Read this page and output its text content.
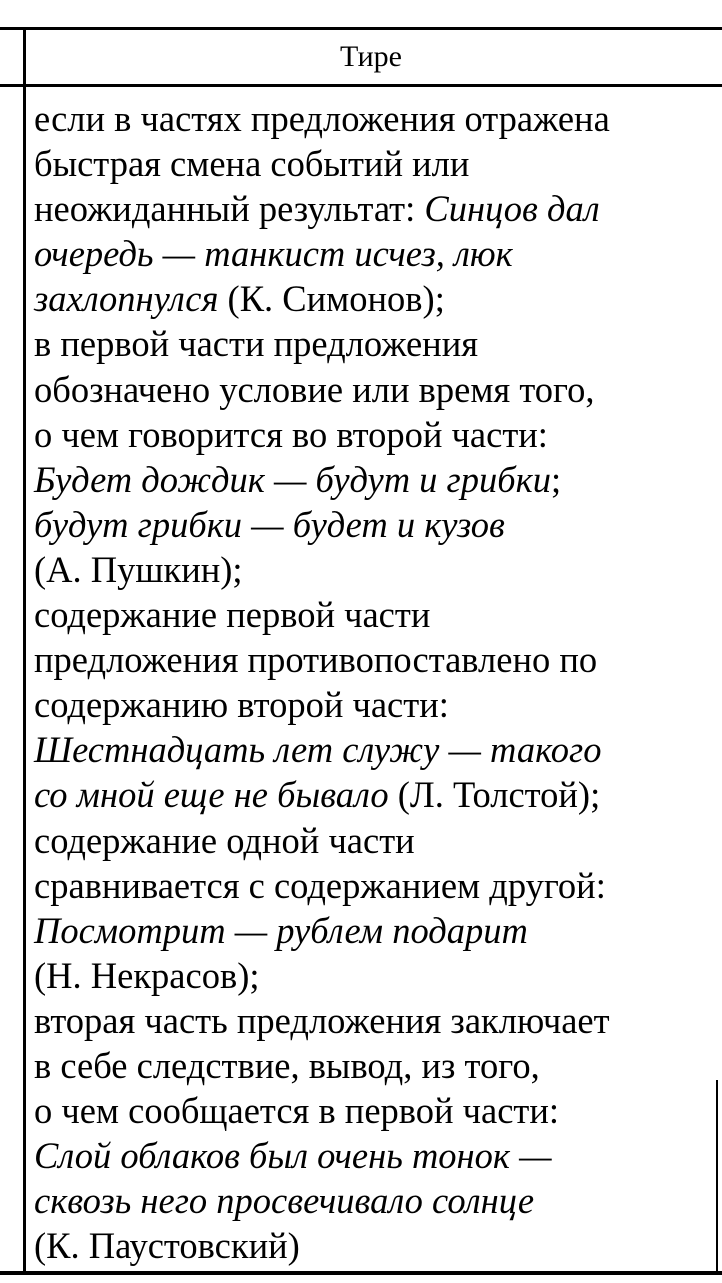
Тире
если в частях предложения отражена
быстрая смена событий или
неожиданный результат: Синцов дал
очередь — танкист исчез, люк
захлопнулся (К. Симонов);
в первой части предложения
обозначено условие или время того,
о чем говорится во второй части:
Будет дождик — будут и грибки;
будут грибки — будет и кузов
(А. Пушкин);
содержание первой части
предложения противопоставлено по
содержанию второй части:
Шестнадцать лет служу — такого
со мной еще не бывало (Л. Толстой);
содержание одной части
сравнивается с содержанием другой:
Посмотрит — рублем подарит
(Н. Некрасов);
вторая часть предложения заключает
в себе следствие, вывод, из того,
о чем сообщается в первой части:
Слой облаков был очень тонок —
сквозь него просвечивало солнце
(К. Паустовский)
